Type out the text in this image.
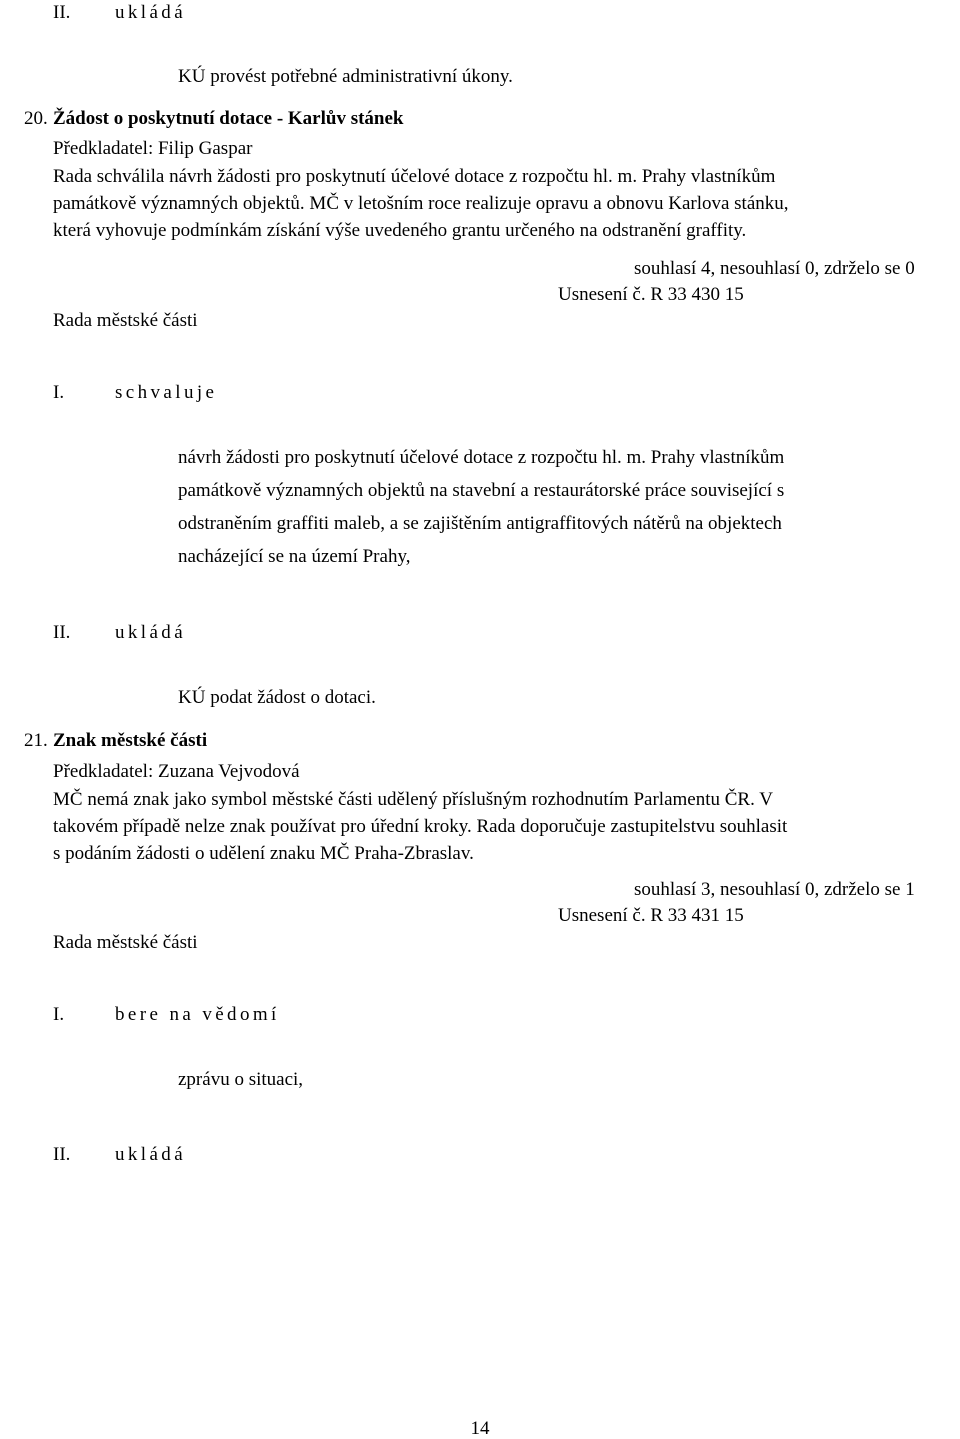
II. ukládá
KÚ provést potřebné administrativní úkony.
20. Žádost o poskytnutí dotace - Karlův stánek
Předkladatel: Filip Gaspar
Rada schválila návrh žádosti pro poskytnutí účelové dotace z rozpočtu hl. m. Prahy vlastníkům
památkově významných objektů. MČ v letošním roce realizuje opravu a obnovu Karlova stánku,
která vyhovuje podmínkám získání výše uvedeného grantu určeného na odstranění graffity.
souhlasí 4, nesouhlasí 0, zdrželo se 0
Usnesení č. R 33 430 15
Rada městské části
I.	schvaluje
návrh žádosti pro poskytnutí účelové dotace z rozpočtu hl. m. Prahy vlastníkům
památkově významných objektů na stavební a restaurátorské práce související s
odstraněním graffiti maleb, a se zajištěním antigraffitových nátěrů na objektech
nacházející se na území Prahy,
II. ukládá
KÚ podat žádost o dotaci.
21. Znak městské části
Předkladatel: Zuzana Vejvodová
MČ nemá znak jako symbol městské části udělený příslušným rozhodnutím Parlamentu ČR. V
takovém případě nelze znak používat pro úřední kroky. Rada doporučuje zastupitelstvu souhlasit
s podáním žádosti o udělení znaku MČ Praha-Zbraslav.
souhlasí 3, nesouhlasí 0, zdrželo se 1
Usnesení č. R 33 431 15
Rada městské části
I.	bere na vědomí
zprávu o situaci,
II. ukládá
14
